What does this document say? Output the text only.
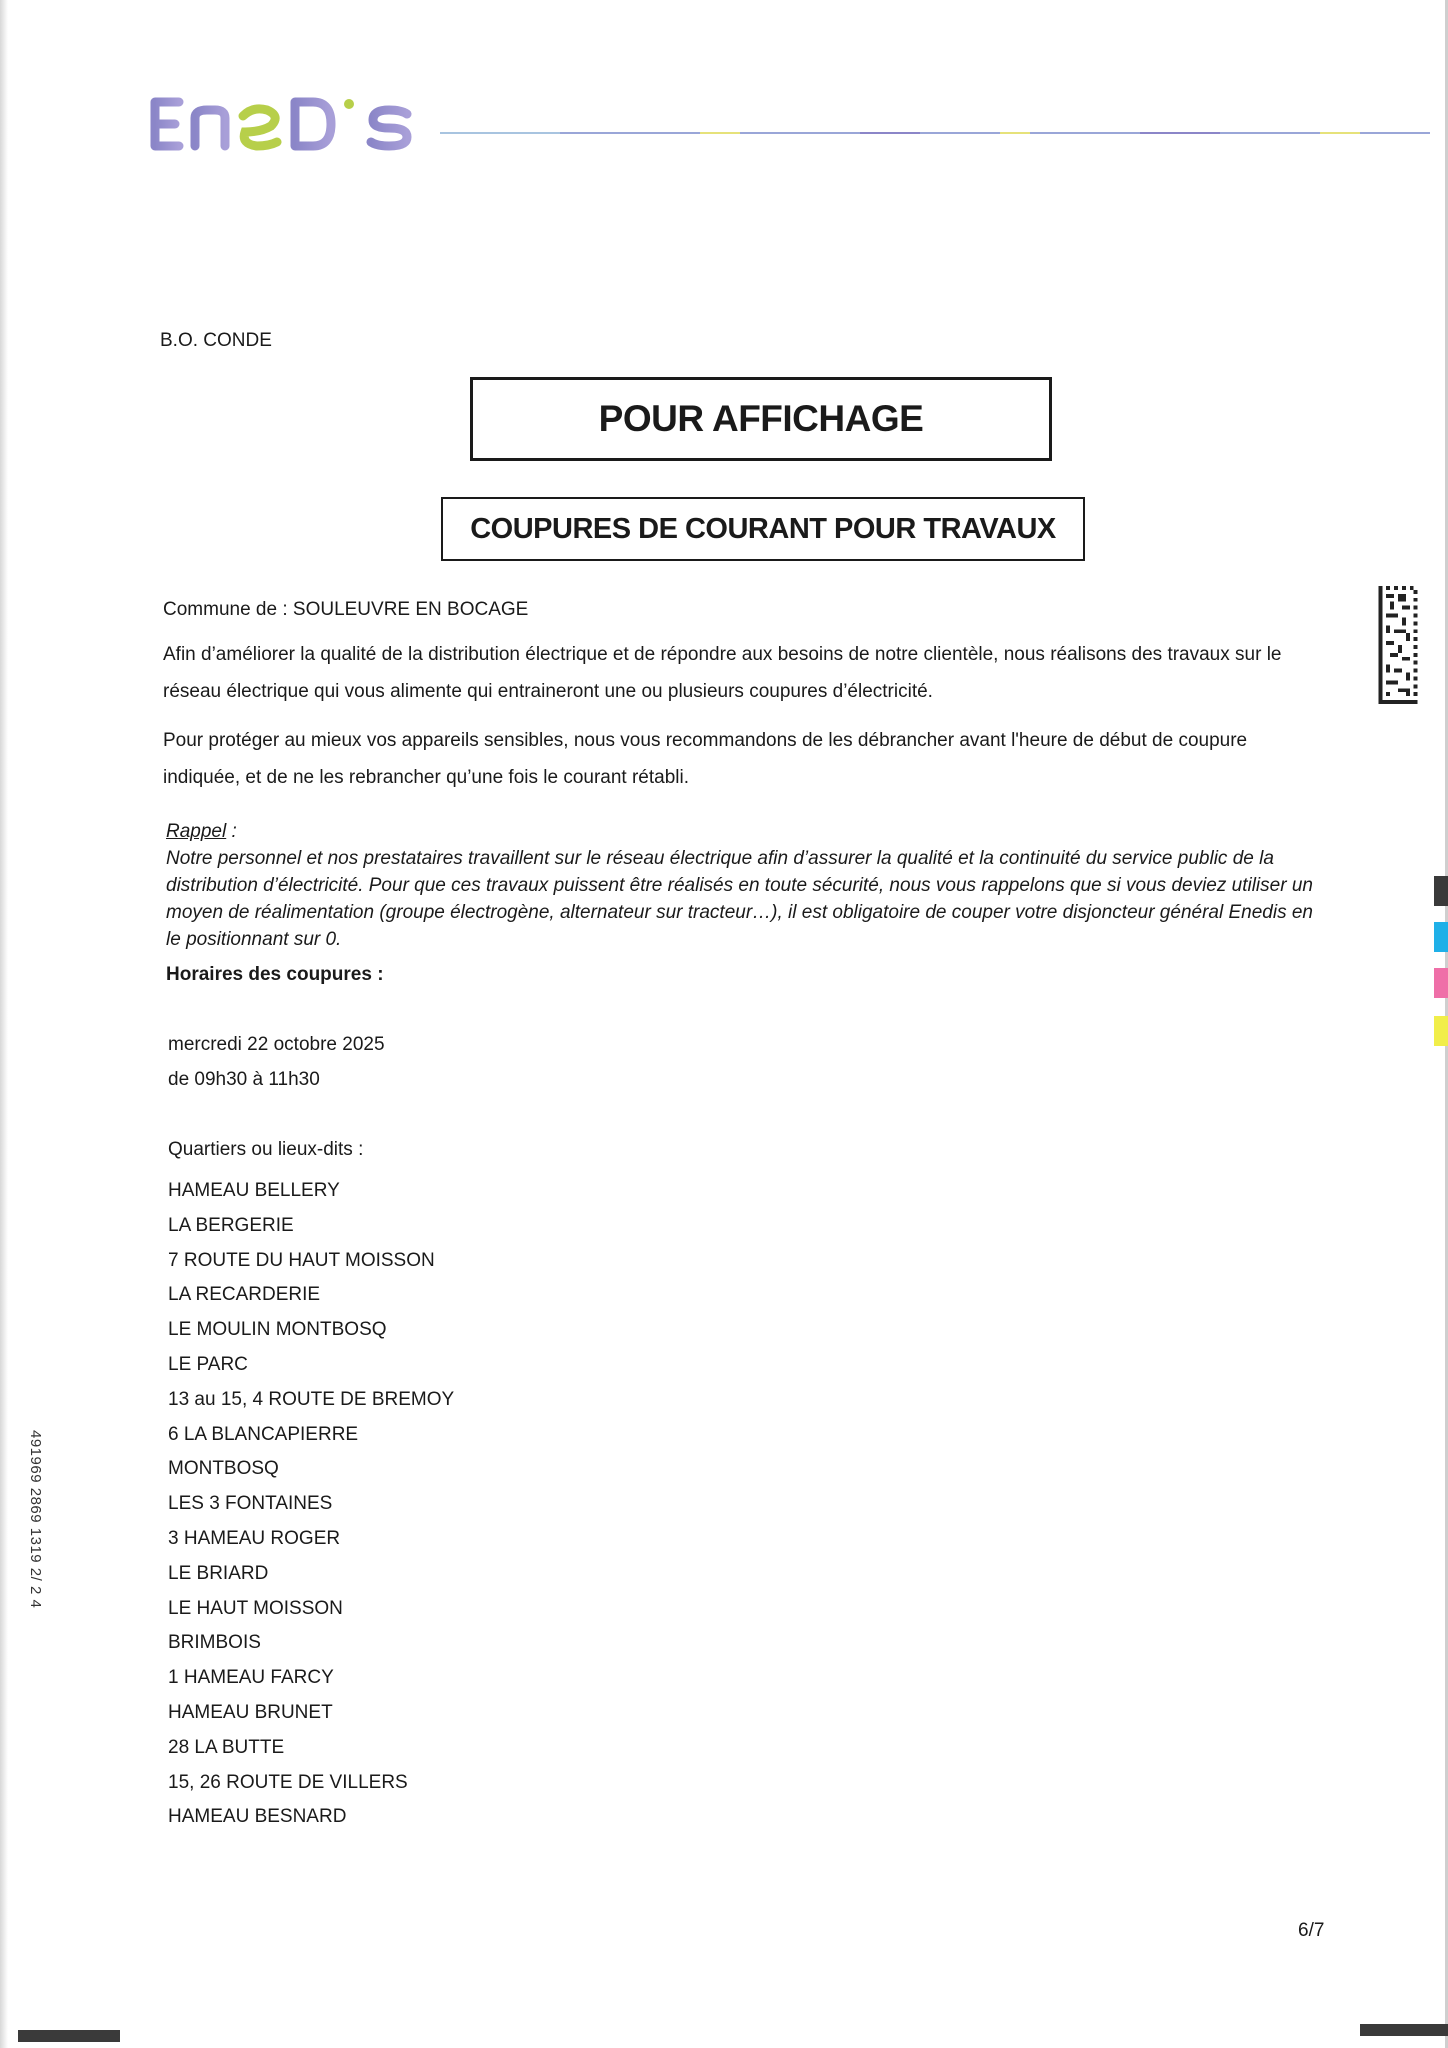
B.O. CONDE
POUR AFFICHAGE
COUPURES DE COURANT POUR TRAVAUX
Commune de : SOULEUVRE EN BOCAGE
Afin d’améliorer la qualité de la distribution électrique et de répondre aux besoins de notre clientèle, nous réalisons des travaux sur le réseau électrique qui vous alimente qui entraineront une ou plusieurs coupures d’électricité.
Pour protéger au mieux vos appareils sensibles, nous vous recommandons de les débrancher avant l'heure de début de coupure indiquée, et de ne les rebrancher qu’une fois le courant rétabli.
Rappel :
Notre personnel et nos prestataires travaillent sur le réseau électrique afin d’assurer la qualité et la continuité du service public de la distribution d’électricité. Pour que ces travaux puissent être réalisés en toute sécurité, nous vous rappelons que si vous deviez utiliser un moyen de réalimentation (groupe électrogène, alternateur sur tracteur…), il est obligatoire de couper votre disjoncteur général Enedis en le positionnant sur 0.
Horaires des coupures :
mercredi 22 octobre 2025
de 09h30 à 11h30
Quartiers ou lieux-dits :
HAMEAU BELLERY
LA BERGERIE
7 ROUTE DU HAUT MOISSON
LA RECARDERIE
LE MOULIN MONTBOSQ
LE PARC
13 au 15, 4 ROUTE DE BREMOY
6 LA BLANCAPIERRE
MONTBOSQ
LES 3 FONTAINES
3 HAMEAU ROGER
LE BRIARD
LE HAUT MOISSON
BRIMBOIS
1 HAMEAU FARCY
HAMEAU BRUNET
28 LA BUTTE
15, 26 ROUTE DE VILLERS
HAMEAU BESNARD
6/7
491969 2869 1319 2/ 2 4
